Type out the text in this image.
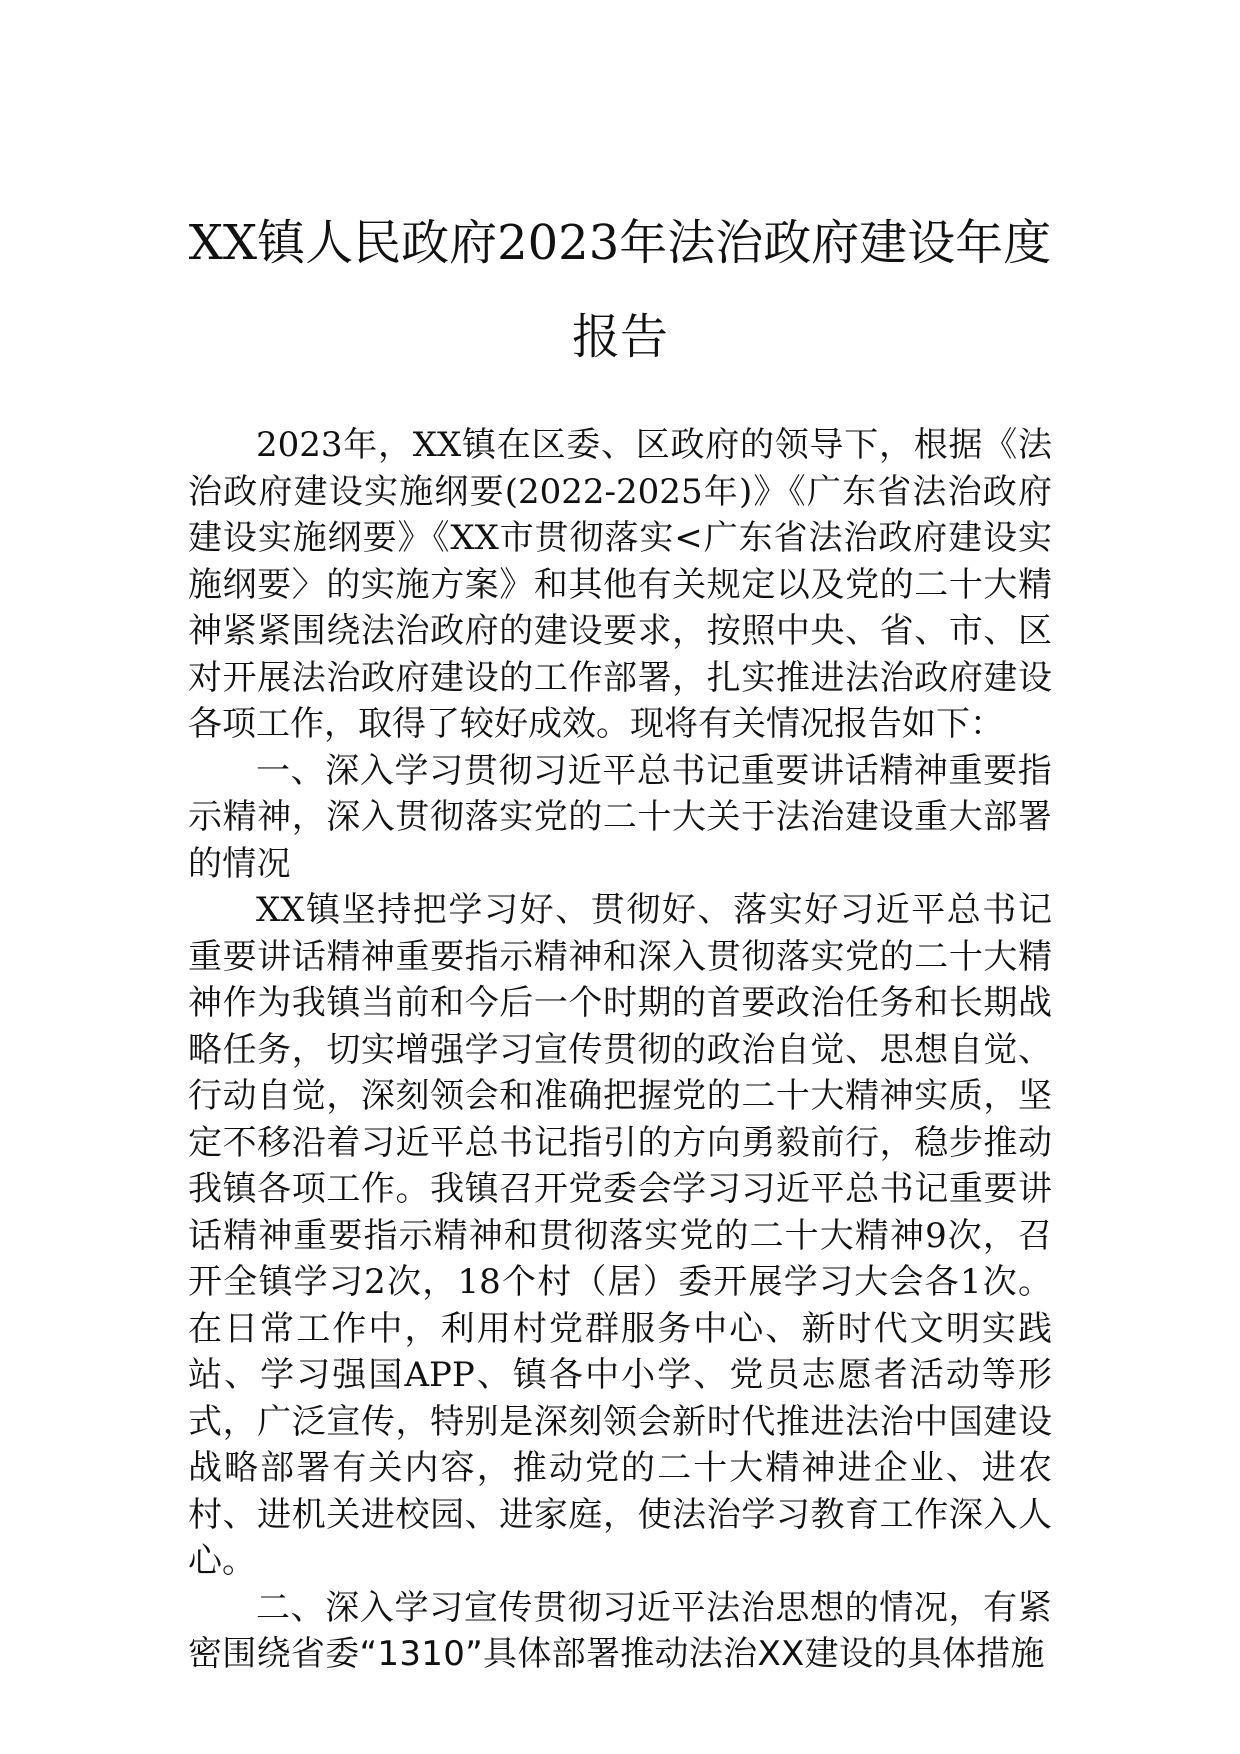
XX镇人民政府2023年法治政府建设年度
报告

2023年，XX镇在区委、区政府的领导下，根据《法治政府建设实施纲要(2022-2025年)》《广东省法治政府建设实施纲要》《XX市贯彻落实<广东省法治政府建设实施纲要〉的实施方案》和其他有关规定以及党的二十大精神紧紧围绕法治政府的建设要求，按照中央、省、市、区对开展法治政府建设的工作部署，扎实推进法治政府建设各项工作，取得了较好成效。现将有关情况报告如下：

一、深入学习贯彻习近平总书记重要讲话精神重要指示精神，深入贯彻落实党的二十大关于法治建设重大部署的情况

XX镇坚持把学习好、贯彻好、落实好习近平总书记重要讲话精神重要指示精神和深入贯彻落实党的二十大精神作为我镇当前和今后一个时期的首要政治任务和长期战略任务，切实增强学习宣传贯彻的政治自觉、思想自觉、行动自觉，深刻领会和准确把握党的二十大精神实质，坚定不移沿着习近平总书记指引的方向勇毅前行，稳步推动我镇各项工作。我镇召开党委会学习习近平总书记重要讲话精神重要指示精神和贯彻落实党的二十大精神9次，召开全镇学习2次，18个村（居）委开展学习大会各1次。在日常工作中，利用村党群服务中心、新时代文明实践站、学习强国APP、镇各中小学、党员志愿者活动等形式，广泛宣传，特别是深刻领会新时代推进法治中国建设战略部署有关内容，推动党的二十大精神进企业、进农村、进机关进校园、进家庭，使法治学习教育工作深入人心。

二、深入学习宣传贯彻习近平法治思想的情况，有紧密围绕省委“1310”具体部署推动法治XX建设的具体措施
